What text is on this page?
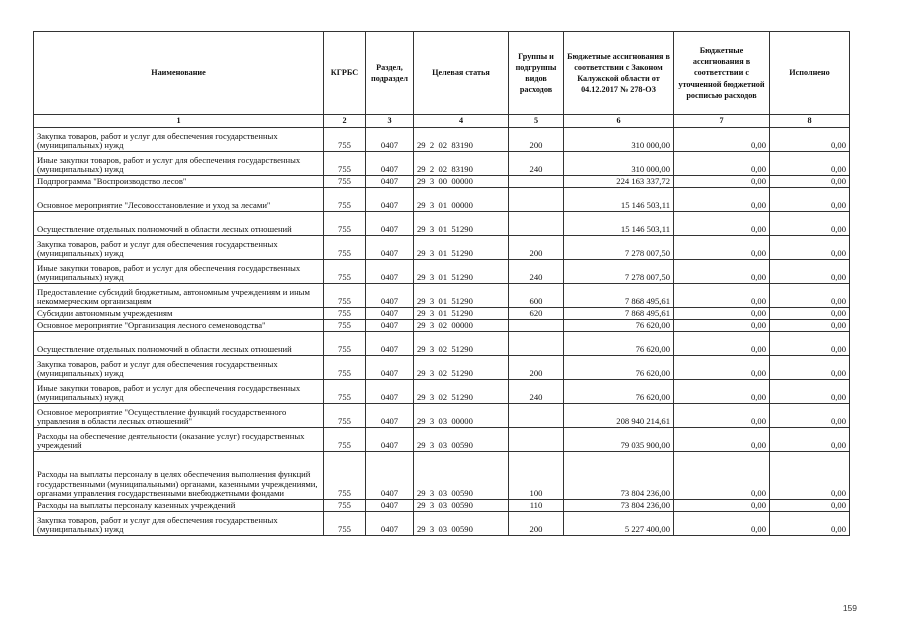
Наименование	КГРБС	Раздел, подраздел	Целевая статья	Группы и подгруппы видов расходов	Бюджетные ассигнования в соответствии с Законом Калужской области от 04.12.2017 № 278-ОЗ	Бюджетные ассигнования в соответствии с уточненной бюджетной росписью расходов	Исполнено
1	2	3	4	5	6	7	8
Закупка товаров, работ и услуг для обеспечения государственных (муниципальных) нужд	755	0407	29  2  02  83190	200	310 000,00	0,00	0,00
Иные закупки товаров, работ и услуг для обеспечения государственных (муниципальных) нужд	755	0407	29  2  02  83190	240	310 000,00	0,00	0,00
Подпрограмма "Воспроизводство лесов"	755	0407	29  3  00  00000		224 163 337,72	0,00	0,00
Основное мероприятие "Лесовосстановление и уход за лесами"	755	0407	29  3  01  00000		15 146 503,11	0,00	0,00
Осуществление отдельных полномочий в области лесных отношений	755	0407	29  3  01  51290		15 146 503,11	0,00	0,00
Закупка товаров, работ и услуг для обеспечения государственных (муниципальных) нужд	755	0407	29  3  01  51290	200	7 278 007,50	0,00	0,00
Иные закупки товаров, работ и услуг для обеспечения государственных (муниципальных) нужд	755	0407	29  3  01  51290	240	7 278 007,50	0,00	0,00
Предоставление субсидий бюджетным, автономным учреждениям и иным некоммерческим организациям	755	0407	29  3  01  51290	600	7 868 495,61	0,00	0,00
Субсидии автономным учреждениям	755	0407	29  3  01  51290	620	7 868 495,61	0,00	0,00
Основное мероприятие "Организация лесного семеноводства"	755	0407	29  3  02  00000		76 620,00	0,00	0,00
Осуществление отдельных полномочий в области лесных отношений	755	0407	29  3  02  51290		76 620,00	0,00	0,00
Закупка товаров, работ и услуг для обеспечения государственных (муниципальных) нужд	755	0407	29  3  02  51290	200	76 620,00	0,00	0,00
Иные закупки товаров, работ и услуг для обеспечения государственных (муниципальных) нужд	755	0407	29  3  02  51290	240	76 620,00	0,00	0,00
Основное мероприятие "Осуществление функций государственного управления в области лесных отношений"	755	0407	29  3  03  00000		208 940 214,61	0,00	0,00
Расходы на обеспечение деятельности (оказание услуг) государственных учреждений	755	0407	29  3  03  00590		79 035 900,00	0,00	0,00
Расходы на выплаты персоналу в целях обеспечения выполнения функций государственными (муниципальными) органами, казенными учреждениями, органами управления государственными внебюджетными фондами	755	0407	29  3  03  00590	100	73 804 236,00	0,00	0,00
Расходы на выплаты персоналу казенных учреждений	755	0407	29  3  03  00590	110	73 804 236,00	0,00	0,00
Закупка товаров, работ и услуг для обеспечения государственных (муниципальных) нужд	755	0407	29  3  03  00590	200	5 227 400,00	0,00	0,00
159
